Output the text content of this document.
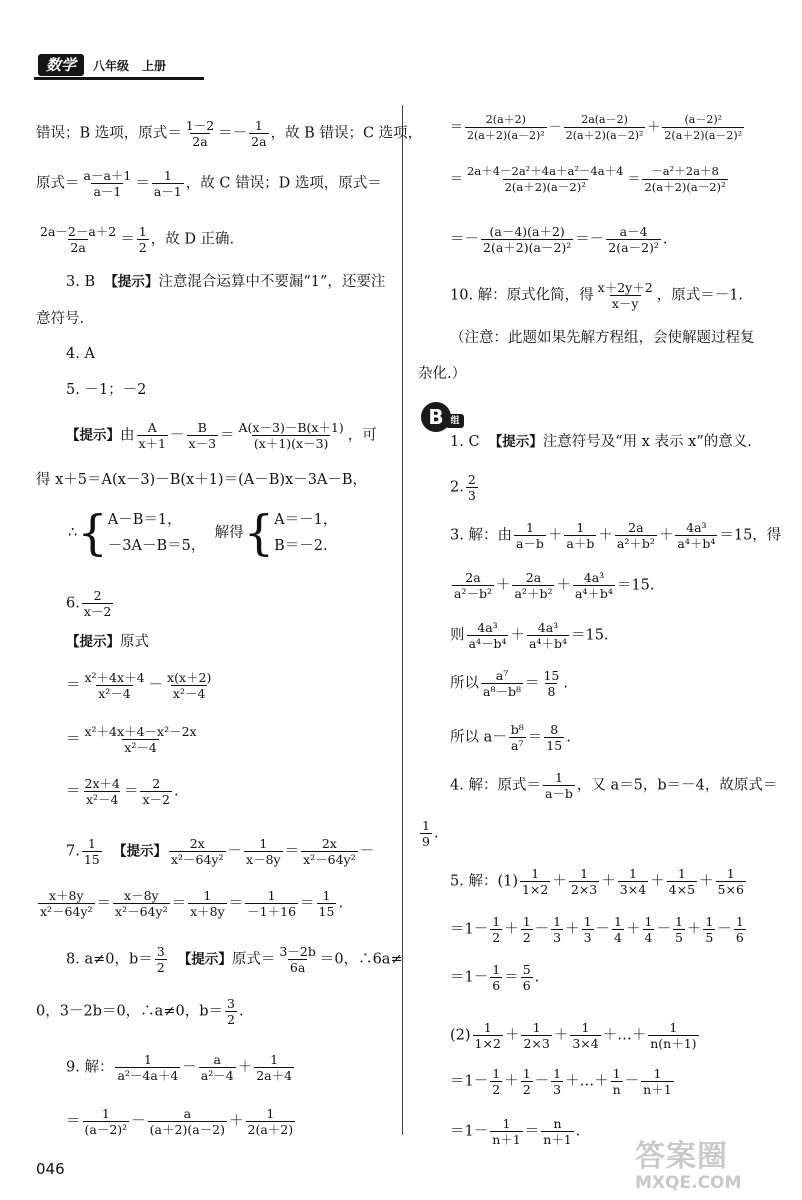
数学	八年级 上册
错误；B 选项，原式＝ $\frac{1-2}{2a} =- \frac{1}{2a}$ ，故 B 错误；C 选项，
原式＝ $\frac{a-a+1}{a-1} = \frac{1}{a-1}$ ，故 C 错误；D 选项，原式＝
$\frac{2a-2-a+2}{2a} = \frac{1}{2}$ ，故 D 正确.
3. B 【提示】注意混合运算中不要漏“1”，还要注
意符号.
4. A
5. －1；－2
【提示】由 $\frac{A}{x+1} - \frac{B}{x-3} = \frac{A(x-3)-B(x+1)}{(x+1)(x-3)}$ ，可
得 x＋5＝A(x－3)－B(x＋1)＝(A－B)x－3A－B，
∴{ A－B＝1，
－3A－B＝5，
解得{ A＝－1，
B＝－2.
6. $\frac{2}{x-2}$
【提示】原式
＝ $\frac{\text{x²＋4x＋4}}{\text{x²－4}} - \frac{x(x+2)}{\text{x²－4}}$
＝ $\frac{\text{x²＋4x＋4－x²－2x}}{\text{x²－4}}$
＝ $\frac{2x+4}{\text{x²－4}} = \frac{2}{x-2}$ .
7. $\frac{1}{15}$ 【提示】 $\frac{2x}{\text{x²－64y²}} - \frac{1}{x-8y} = \frac{2x}{\text{x²－64y²}}$ －
$\frac{x+8y}{\text{x²－64y²}} = \frac{x-8y}{\text{x²－64y²}} = \frac{1}{x+8y} = \frac{1}{-1+16} = \frac{1}{15}$ .
8. a≠0，$b= \frac{3}{2}$ 【提示】原式＝ $\frac{3-2b}{6a} =0$，∴6a≠
0，3－2b＝0，∴a≠0，$b= \frac{3}{2}$ .
9. 解： $\frac{1}{\text{a²－4a＋4}} - \frac{a}{\text{a²－4}} + \frac{1}{2a+4}$
＝ $\frac{1}{\text{(a－2)²}} - \frac{a}{(a+2)(a-2)} + \frac{1}{2(a+2)}$
＝ $\frac{2(a+2)}{\text{2(a＋2)(a－2)²}} - \frac{2a(a-2)}{\text{2(a＋2)(a－2)²}} + \frac{\text{(a－2)²}}{\text{2(a＋2)(a－2)²}}$
＝ $\frac{\text{2a＋4－2a²＋4a＋a²－4a＋4}}{\text{2(a＋2)(a－2)²}} = \frac{\text{－a²＋2a＋8}}{\text{2(a＋2)(a－2)²}}$
＝－ $\frac{(a-4)(a+2)}{\text{2(a＋2)(a－2)²}} =- \frac{a-4}{\text{2(a－2)²}}$ .
10. 解：原式化简，得 $\frac{x+2y+2}{x-y}$ ，原式＝－1.
（注意：此题如果先解方程组，会使解题过程复
杂化.）
B 组
1. C 【提示】注意符号及“用 x 表示 x”的意义.
2. $\frac{2}{3}$
3. 解：由 $\frac{1}{a-b} + \frac{1}{a+b} + \frac{2a}{\text{a²＋b²}} + \frac{\text{4a³}}{\text{a⁴＋b⁴}} =15$，得
$\frac{2a}{\text{a²－b²}} + \frac{2a}{\text{a²＋b²}} + \frac{\text{4a³}}{\text{a⁴＋b⁴}} =15$.
则 $\frac{\text{4a³}}{\text{a⁴－b⁴}} + \frac{\text{4a³}}{\text{a⁴＋b⁴}} =15$.
所以 $\frac{\text{a⁷}}{\text{a⁸－b⁸}} = \frac{15}{8}$ .
所以 $a- \frac{\text{b⁸}}{\text{a⁷}} = \frac{8}{15}$ .
4. 解：原式＝ $\frac{1}{a-b}$ ，又 a＝5，b＝－4，故原式＝
$\frac{1}{9}$ .
5. 解：$(1) \frac{1}{1\times 2} + \frac{1}{2\times 3} + \frac{1}{3\times 4} + \frac{1}{4\times 5} + \frac{1}{5\times 6}$
$=1- \frac{1}{2} + \frac{1}{2} - \frac{1}{3} + \frac{1}{3} - \frac{1}{4} + \frac{1}{4} - \frac{1}{5} + \frac{1}{5} - \frac{1}{6}$
$=1- \frac{1}{6} = \frac{5}{6}$ .
$(2) \frac{1}{1\times 2} + \frac{1}{2\times 3} + \frac{1}{3\times 4}$ ＋…＋ $\frac{1}{n(n+1)}$
$=1- \frac{1}{2} + \frac{1}{2} - \frac{1}{3}$ ＋…＋ $\frac{1}{n} - \frac{1}{n+1}$
$=1- \frac{1}{n+1} = \frac{n}{n+1}$ .
046	答案圈
MXQE.COM
